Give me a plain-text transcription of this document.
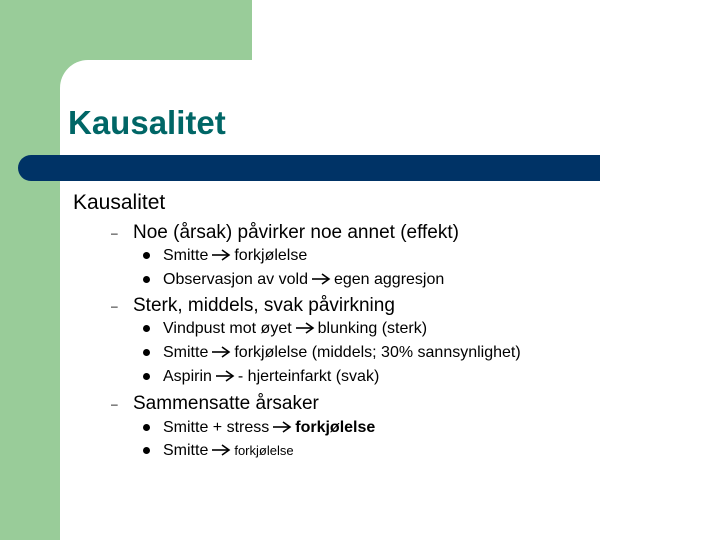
Kausalitet
Kausalitet
– Noe (årsak) påvirker noe annet (effekt)
Smitte forkjølelse
Observasjon av vold egen aggresjon
– Sterk, middels, svak påvirkning
Vindpust mot øyet blunking (sterk)
Smitte forkjølelse (middels; 30% sannsynlighet)
Aspirin - hjerteinfarkt (svak)
– Sammensatte årsaker
Smitte + stress forkjølelse
Smitte forkjølelse
